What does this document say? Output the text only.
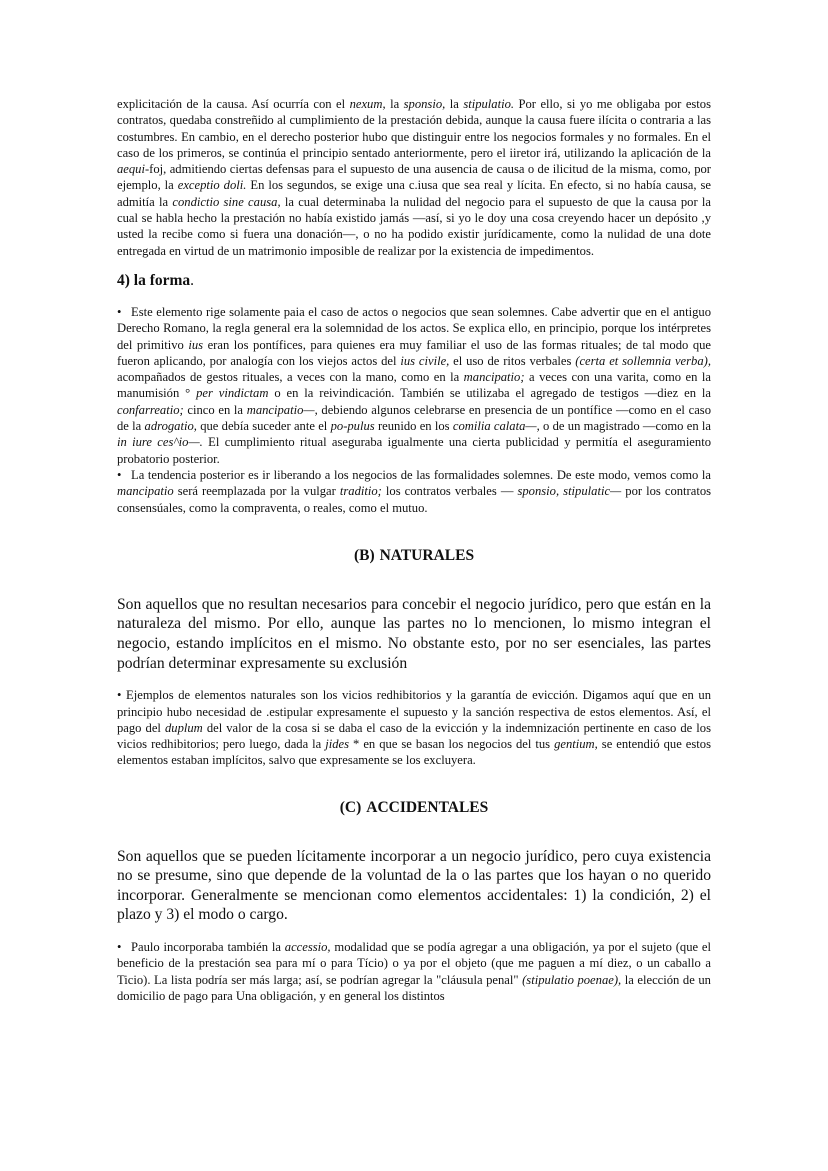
explicitación de la causa. Así ocurría con el nexum, la sponsio, la stipulatio. Por ello, si yo me obligaba por estos contratos, quedaba constreñido al cumplimiento de la prestación debida, aunque la causa fuere ilícita o contraria a las costumbres. En cambio, en el derecho posterior hubo que distinguir entre los negocios formales y no formales. En el caso de los primeros, se continúa el principio sentado anteriormente, pero el iiretor irá, utilizando la aplicación de la aequi-foj, admitiendo ciertas defensas para el supuesto de una ausencia de causa o de ilicitud de la misma, como, por ejemplo, la exceptio doli. En los segundos, se exige una c.iusa que sea real y lícita. En efecto, si no había causa, se admitía la condictio sine causa, la cual determinaba la nulidad del negocio para el supuesto de que la causa por la cual se habla hecho la prestación no había existido jamás —así, si yo le doy una cosa creyendo hacer un depósito ,y usted la recibe como si fuera una donación—, o no ha podido existir jurídicamente, como la nulidad de una dote entregada en virtud de un matrimonio imposible de realizar por la existencia de impedimentos.

4) la forma.

• Este elemento rige solamente paia el caso de actos o negocios que sean solemnes. Cabe advertir que en el antiguo Derecho Romano, la regla general era la solemnidad de los actos. Se explica ello, en principio, porque los intérpretes del primitivo ius eran los pontífices, para quienes era muy familiar el uso de las formas rituales; de tal modo que fueron aplicando, por analogía con los viejos actos del ius civile, el uso de ritos verbales (certa et sollemnia verba), acompañados de gestos rituales, a veces con la mano, como en la mancipatio; a veces con una varita, como en la manumisión ° per vindictam o en la reivindicación. También se utilizaba el agregado de testigos —diez en la confarreatio; cinco en la mancipatio—, debiendo algunos celebrarse en presencia de un pontífice —como en el caso de la adrogatio, que debía suceder ante el po-pulus reunido en los comilia calata—, o de un magistrado —como en la in iure ces^io—. El cumplimiento ritual aseguraba igualmente una cierta publicidad y permitía el aseguramiento probatorio posterior.

• La tendencia posterior es ir liberando a los negocios de las formalidades solemnes. De este modo, vemos como la mancipatio será reemplazada por la vulgar traditio; los contratos verbales — sponsio, stipulatic— por los contratos consensúales, como la compraventa, o reales, como el mutuo.

(B) NATURALES

Son aquellos que no resultan necesarios para concebir el negocio jurídico, pero que están en la naturaleza del mismo. Por ello, aunque las partes no lo mencionen, lo mismo integran el negocio, estando implícitos en el mismo. No obstante esto, por no ser esenciales, las partes podrían determinar expresamente su exclusión

• Ejemplos de elementos naturales son los vicios redhibitorios y la garantía de evicción. Digamos aquí que en un principio hubo necesidad de .estipular expresamente el supuesto y la sanción respectiva de estos elementos. Así, el pago del duplum del valor de la cosa si se daba el caso de la evicción y la indemnización pertinente en caso de los vicios redhibitorios; pero luego, dada la jides * en que se basan los negocios del tus gentium, se entendió que estos elementos estaban implícitos, salvo que expresamente se los excluyera.

(C) ACCIDENTALES

Son aquellos que se pueden lícitamente incorporar a un negocio jurídico, pero cuya existencia no se presume, sino que depende de la voluntad de la o las partes que los hayan o no querido incorporar. Generalmente se mencionan como elementos accidentales: 1) la condición, 2) el plazo y 3) el modo o cargo.

• Paulo incorporaba también la accessio, modalidad que se podía agregar a una obligación, ya por el sujeto (que el beneficio de la prestación sea para mí o para Tício) o ya por el objeto (que me paguen a mí diez, o un caballo a Ticio). La lista podría ser más larga; así, se podrían agregar la "cláusula penal" (stipulatio poenae), la elección de un domicilio de pago para Una obligación, y en general los distintos
